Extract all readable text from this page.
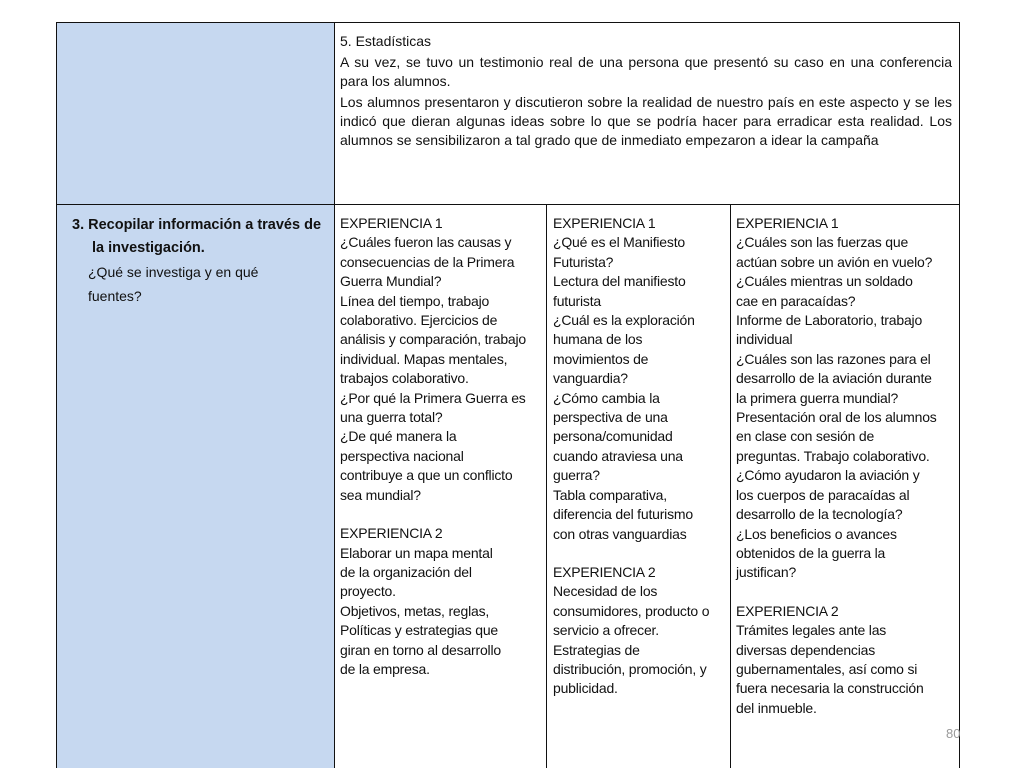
5. Estadísticas

A su vez, se tuvo un testimonio real de una persona que presentó su caso en una conferencia para los alumnos.

Los alumnos presentaron y discutieron sobre la realidad de nuestro país en este aspecto y se les indicó que dieran algunas ideas sobre lo que se podría hacer para erradicar esta realidad. Los alumnos se sensibilizaron a tal grado que de inmediato empezaron a idear la campaña

3. Recopilar información a través de
la investigación.
¿Qué se investiga y en qué
fuentes?
EXPERIENCIA 1
¿Cuáles fueron las causas y
consecuencias de la Primera
Guerra Mundial?
Línea del tiempo, trabajo
colaborativo. Ejercicios de
análisis y comparación, trabajo
individual. Mapas mentales,
trabajos colaborativo.
¿Por qué la Primera Guerra es
una guerra total?
¿De qué manera la
perspectiva nacional
contribuye a que un conflicto
sea mundial?
EXPERIENCIA 2
Elaborar un mapa mental
de la organización del
proyecto.
Objetivos, metas, reglas,
Políticas y estrategias que
giran en torno al desarrollo
de la empresa.
EXPERIENCIA 1
¿Qué es el Manifiesto
Futurista?
Lectura del manifiesto
futurista
¿Cuál es la exploración
humana de los
movimientos de
vanguardia?
¿Cómo cambia la
perspectiva de una
persona/comunidad
cuando atraviesa una
guerra?
Tabla comparativa,
diferencia del futurismo
con otras vanguardias
EXPERIENCIA 2
Necesidad de los
consumidores, producto o
servicio a ofrecer.
Estrategias de
distribución, promoción, y
publicidad.
EXPERIENCIA 1
¿Cuáles son las fuerzas que
actúan sobre un avión en vuelo?
¿Cuáles mientras un soldado
cae en paracaídas?
Informe de Laboratorio, trabajo
individual
¿Cuáles son las razones para el
desarrollo de la aviación durante
la primera guerra mundial?
Presentación oral de los alumnos
en clase con sesión de
preguntas. Trabajo colaborativo.
¿Cómo ayudaron la aviación y
los cuerpos de paracaídas al
desarrollo de la tecnología?
¿Los beneficios o avances
obtenidos de la guerra la
justifican?
EXPERIENCIA 2
Trámites legales ante las
diversas dependencias
gubernamentales, así como si
fuera necesaria la construcción
del inmueble.
80
